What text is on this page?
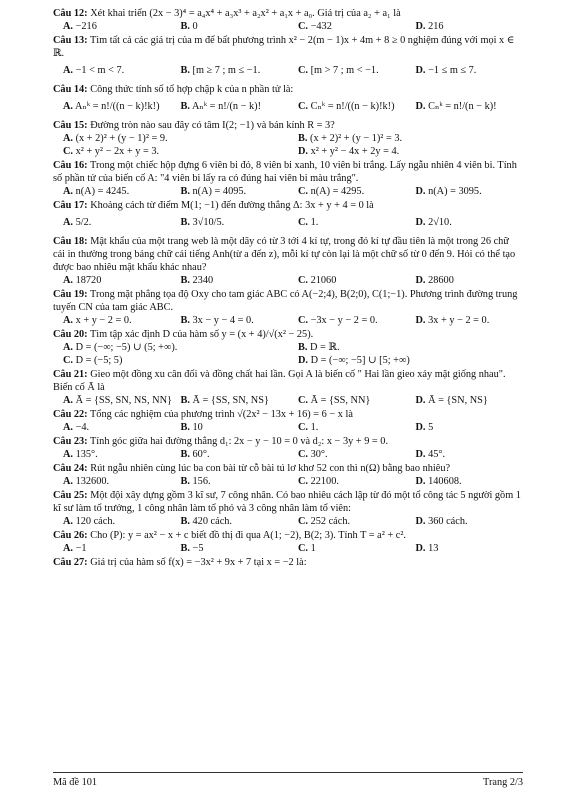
Câu 12: Xét khai triển (2x − 3)⁴ = a₄x⁴ + a₃x³ + a₂x² + a₁x + a₀. Giá trị của a₂ + a₁ là

A. −216	B. 0	C. −432	D. 216

Câu 13: Tìm tất cả các giá trị của m để bất phương trình x² − 2(m − 1)x + 4m + 8 ≥ 0 nghiệm đúng với mọi x ∈ ℝ.

A. −1 < m < 7.	B. [m ≥ 7 ; m ≤ −1.	C. [m > 7 ; m < −1.	D. −1 ≤ m ≤ 7.

Câu 14: Công thức tính số tổ hợp chập k của n phần tử là:

A. Aₙᵏ = n!/((n − k)!k!)	B. Aₙᵏ = n!/(n − k)!	C. Cₙᵏ = n!/((n − k)!k!)	D. Cₙᵏ = n!/(n − k)!

Câu 15: Đường tròn nào sau đây có tâm I(2; −1) và bán kính R = 3?

A. (x + 2)² + (y − 1)² = 9.	B. (x + 2)² + (y − 1)² = 3.
C. x² + y² − 2x + y = 3.	D. x² + y² − 4x + 2y = 4.

Câu 16: Trong một chiếc hộp đựng 6 viên bi đỏ, 8 viên bi xanh, 10 viên bi trắng. Lấy ngẫu nhiên 4 viên bi. Tính số phần tử của biến cố A: "4 viên bi lấy ra có đúng hai viên bi màu trắng".

A. n(A) = 4245.	B. n(A) = 4095.	C. n(A) = 4295.	D. n(A) = 3095.

Câu 17: Khoảng cách từ điểm M(1; −1) đến đường thẳng Δ: 3x + y + 4 = 0 là

A. 5/2.	B. 3√10/5.	C. 1.	D. 2√10.

Câu 18: Mật khẩu của một trang web là một dãy có từ 3 tới 4 kí tự, trong đó kí tự đầu tiên là một trong 26 chữ cái in thường trong bảng chữ cái tiếng Anh(từ a đến z), mỗi kí tự còn lại là một chữ số từ 0 đến 9. Hỏi có thể tạo được bao nhiêu mật khẩu khác nhau?

A. 18720	B. 2340	C. 21060	D. 28600

Câu 19: Trong mặt phẳng tọa độ Oxy cho tam giác ABC có A(−2;4), B(2;0), C(1;−1). Phương trình đường trung tuyến CN của tam giác ABC.

A. x + y − 2 = 0.	B. 3x − y − 4 = 0.	C. −3x − y − 2 = 0.	D. 3x + y − 2 = 0.

Câu 20: Tìm tập xác định D của hàm số y = (x + 4)/√(x² − 25).

A. D = (−∞; −5) ∪ (5; +∞).	B. D = ℝ.
C. D = (−5; 5)	D. D = (−∞; −5] ∪ [5; +∞)

Câu 21: Gieo một đồng xu cân đối và đồng chất hai lần. Gọi A là biến cố " Hai lần gieo xảy mặt giống nhau". Biến cố Ā là

A. Ā = {SS, SN, NS, NN} B. Ā = {SS, SN, NS}	C. Ā = {SS, NN}	D. Ā = {SN, NS}

Câu 22: Tổng các nghiệm của phương trình √(2x² − 13x + 16) = 6 − x là

A. −4.	B. 10	C. 1.	D. 5

Câu 23: Tính góc giữa hai đường thẳng d₁: 2x − y − 10 = 0 và d₂: x − 3y + 9 = 0.

A. 135°.	B. 60°.	C. 30°.	D. 45°.

Câu 24: Rút ngẫu nhiên cùng lúc ba con bài từ cỗ bài tú lơ khơ 52 con thì n(Ω) bằng bao nhiêu?

A. 132600.	B. 156.	C. 22100.	D. 140608.

Câu 25: Một đội xây dựng gồm 3 kĩ sư, 7 công nhân. Có bao nhiêu cách lập từ đó một tổ công tác 5 người gồm 1 kĩ sư làm tổ trưởng, 1 công nhân làm tổ phó và 3 công nhân làm tổ viên:

A. 120 cách.	B. 420 cách.	C. 252 cách.	D. 360 cách.

Câu 26: Cho (P): y = ax² − x + c biết đồ thị đi qua A(1; −2), B(2; 3). Tính T = a² + c².

A. −1	B. −5	C. 1	D. 13

Câu 27: Giá trị của hàm số f(x) = −3x² + 9x + 7 tại x = −2 là:

Mã đề 101	Trang 2/3
